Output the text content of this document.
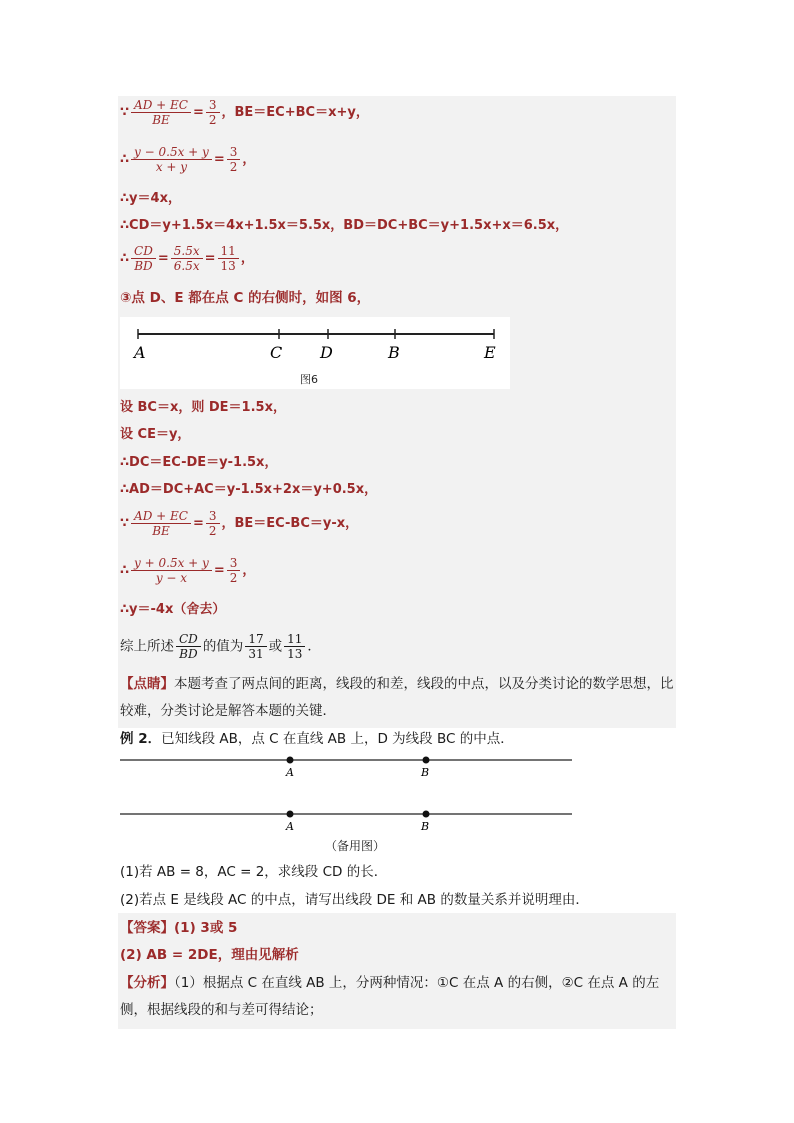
∵ $\frac{AD + EC}{BE} = \frac{3}{2}$ ，BE＝EC+BC＝x+y，
∴ $\frac{y - 0.5x + y}{x + y} = \frac{3}{2}$ ，
∴y＝4x，
∴CD＝y+1.5x＝4x+1.5x＝5.5x，BD＝DC+BC＝y+1.5x+x＝6.5x，
∴ $\frac{CD}{BD} = \frac{5.5x}{6.5x} = \frac{11}{13}$ ，
③点 D、E 都在点 C 的右侧时，如图 6，
A	C D	B	E
图6
设 BC＝x，则 DE＝1.5x，
设 CE＝y，
∴DC＝EC-DE＝y-1.5x，
∴AD＝DC+AC＝y-1.5x+2x＝y+0.5x，
∵ $\frac{AD + EC}{BE} = \frac{3}{2}$ ，BE＝EC-BC＝y-x，
∴ $\frac{y + 0.5x + y}{y - x} = \frac{3}{2}$ ，
∴y＝-4x（舍去）
综上所述 $\frac{CD}{BD}$ 的值为 $\frac{17}{31}$ 或 $\frac{11}{13}$ ．
【点睛】本题考查了两点间的距离，线段的和差，线段的中点，以及分类讨论的数学思想，比较难，分类讨论是解答本题的关键．
例 2．已知线段 AB，点 C 在直线 AB 上，D 为线段 BC 的中点．
A	B
A	B
（备用图）
(1)若 AB = 8，AC = 2，求线段 CD 的长．
(2)若点 E 是线段 AC 的中点，请写出线段 DE 和 AB 的数量关系并说明理由．
【答案】(1) 3或 5
(2) AB = 2DE，理由见解析
【分析】（1）根据点 C 在直线 AB 上，分两种情况：①C 在点 A 的右侧，②C 在点 A 的左侧，根据线段的和与差可得结论；
